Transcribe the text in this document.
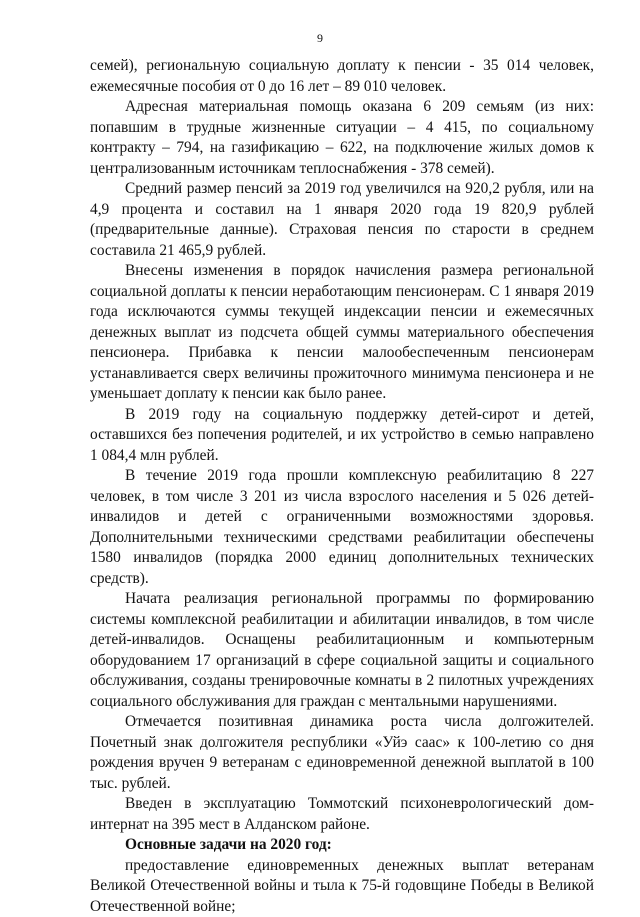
9

семей), региональную социальную доплату к пенсии - 35 014 человек, ежемесячные пособия от 0 до 16 лет – 89 010 человек.

Адресная материальная помощь оказана 6 209 семьям (из них: попавшим в трудные жизненные ситуации – 4 415, по социальному контракту – 794, на газификацию – 622, на подключение жилых домов к централизованным источникам теплоснабжения - 378 семей).

Средний размер пенсий за 2019 год увеличился на 920,2 рубля, или на 4,9 процента и составил на 1 января 2020 года 19 820,9 рублей (предварительные данные). Страховая пенсия по старости в среднем составила 21 465,9 рублей.

Внесены изменения в порядок начисления размера региональной социальной доплаты к пенсии неработающим пенсионерам. С 1 января 2019 года исключаются суммы текущей индексации пенсии и ежемесячных денежных выплат из подсчета общей суммы материального обеспечения пенсионера. Прибавка к пенсии малообеспеченным пенсионерам устанавливается сверх величины прожиточного минимума пенсионера и не уменьшает доплату к пенсии как было ранее.

В 2019 году на социальную поддержку детей-сирот и детей, оставшихся без попечения родителей, и их устройство в семью направлено 1 084,4 млн рублей.

В течение 2019 года прошли комплексную реабилитацию 8 227 человек, в том числе 3 201 из числа взрослого населения и 5 026 детей-инвалидов и детей с ограниченными возможностями здоровья. Дополнительными техническими средствами реабилитации обеспечены 1580 инвалидов (порядка 2000 единиц дополнительных технических средств).

Начата реализация региональной программы по формированию системы комплексной реабилитации и абилитации инвалидов, в том числе детей-инвалидов. Оснащены реабилитационным и компьютерным оборудованием 17 организаций в сфере социальной защиты и социального обслуживания, созданы тренировочные комнаты в 2 пилотных учреждениях социального обслуживания для граждан с ментальными нарушениями.

Отмечается позитивная динамика роста числа долгожителей. Почетный знак долгожителя республики «Уйэ саас» к 100-летию со дня рождения вручен 9 ветеранам с единовременной денежной выплатой в 100 тыс. рублей.

Введен в эксплуатацию Томмотский психоневрологический дом-интернат на 395 мест в Алданском районе.

Основные задачи на 2020 год:

предоставление единовременных денежных выплат ветеранам Великой Отечественной войны и тыла к 75-й годовщине Победы в Великой Отечественной войне;
